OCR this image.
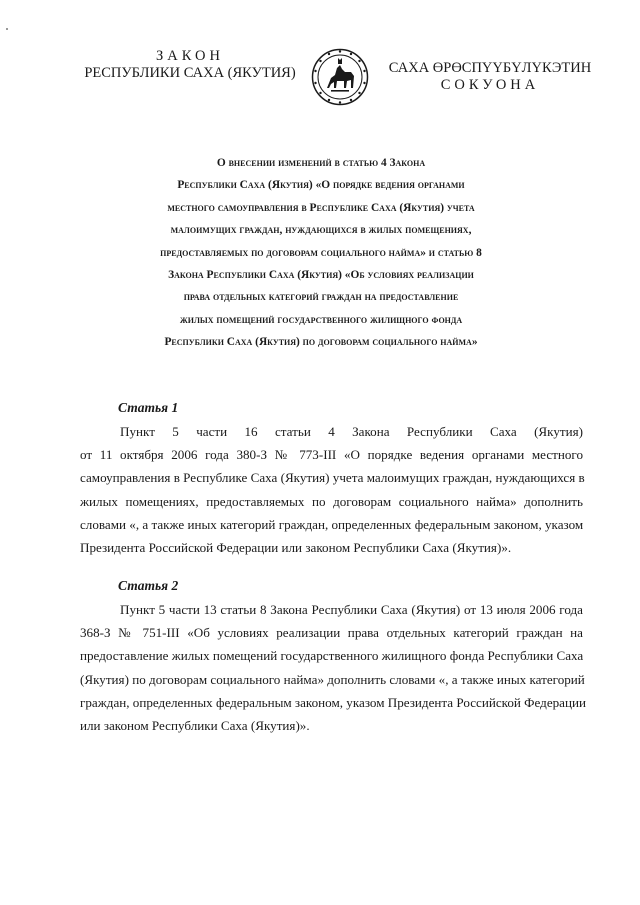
ЗАКОН
РЕСПУБЛИКИ САХА (ЯКУТИЯ)	САХА ӨРӨСПҮҮБҮЛҮКЭТИН
СОКУОНА
О внесении изменений в статью 4 Закона
Республики Саха (Якутия) «О порядке ведения органами
местного самоуправления в Республике Саха (Якутия) учета
малоимущих граждан, нуждающихся в жилых помещениях,
предоставляемых по договорам социального найма» и статью 8
Закона Республики Саха (Якутия) «Об условиях реализации
права отдельных категорий граждан на предоставление
жилых помещений государственного жилищного фонда
Республики Саха (Якутия) по договорам социального найма»
Статья 1
Пункт 5 части 16 статьи 4 Закона Республики Саха (Якутия)
от 11 октября 2006 года 380-З № 773-III «О порядке ведения органами местного
самоуправления в Республике Саха (Якутия) учета малоимущих граждан, нуждающихся в
жилых помещениях, предоставляемых по договорам социального найма» дополнить
словами «, а также иных категорий граждан, определенных федеральным законом, указом
Президента Российской Федерации или законом Республики Саха (Якутия)».
Статья 2
Пункт 5 части 13 статьи 8 Закона Республики Саха (Якутия) от 13 июля 2006 года
368-З № 751-III «Об условиях реализации права отдельных категорий граждан на
предоставление жилых помещений государственного жилищного фонда Республики Саха
(Якутия) по договорам социального найма» дополнить словами «, а также иных категорий
граждан, определенных федеральным законом, указом Президента Российской Федерации
или законом Республики Саха (Якутия)».
